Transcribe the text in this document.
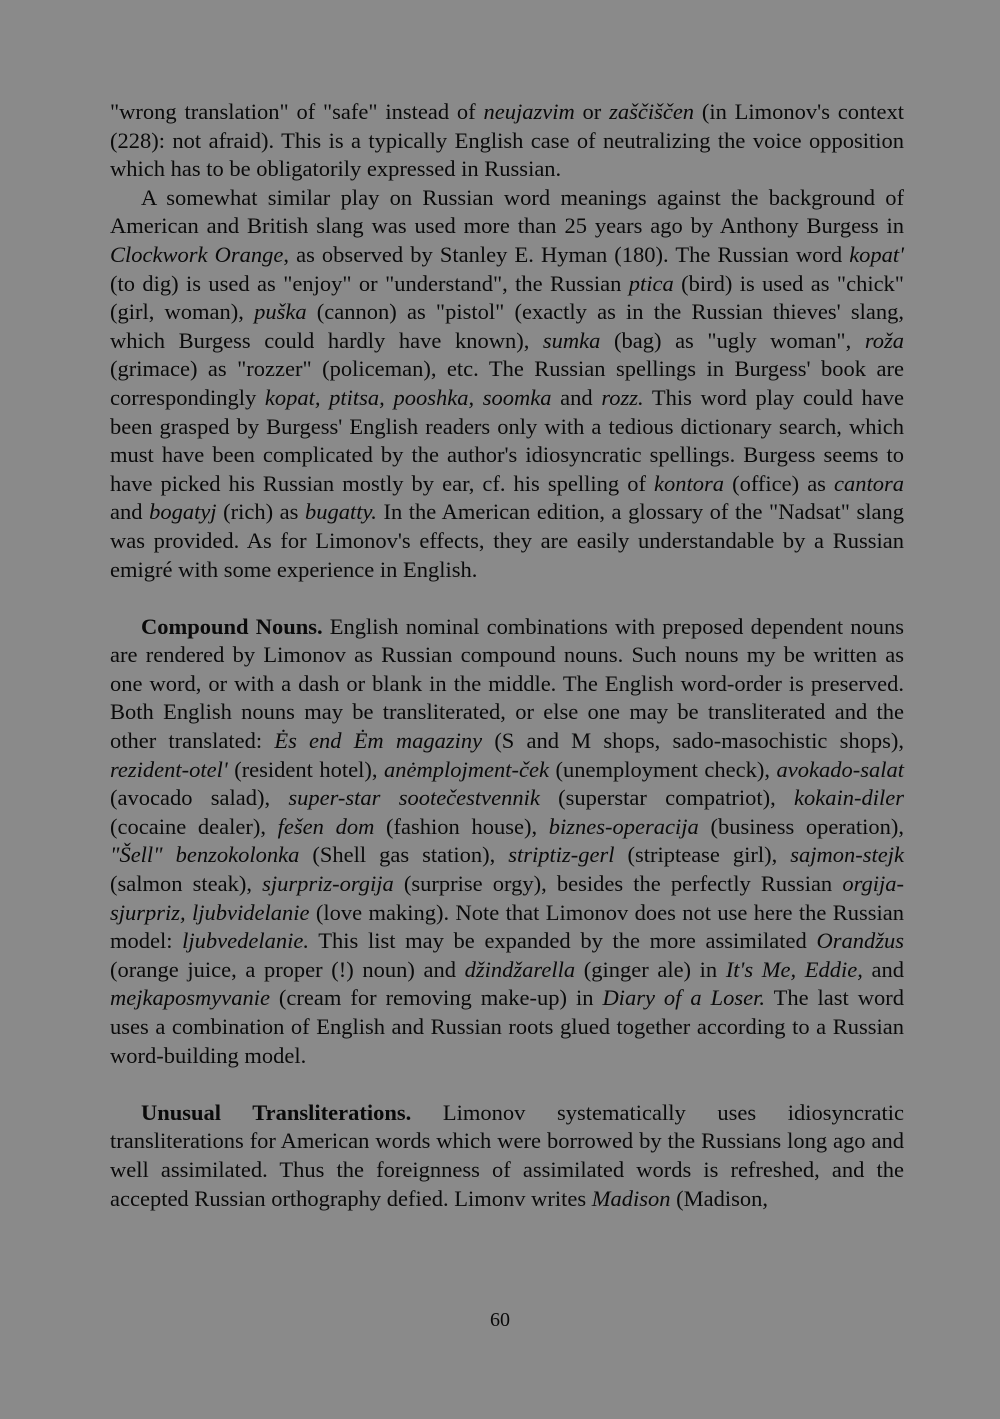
"wrong translation" of "safe" instead of neujazvim or zaščiščen (in Limonov's context (228): not afraid). This is a typically English case of neutralizing the voice opposition which has to be obligatorily expressed in Russian.

A somewhat similar play on Russian word meanings against the background of American and British slang was used more than 25 years ago by Anthony Burgess in Clockwork Orange, as observed by Stanley E. Hyman (180). The Russian word kopat' (to dig) is used as "enjoy" or "understand", the Russian ptica (bird) is used as "chick" (girl, woman), puška (cannon) as "pistol" (exactly as in the Russian thieves' slang, which Burgess could hardly have known), sumka (bag) as "ugly woman", roža (grimace) as "rozzer" (policeman), etc. The Russian spellings in Burgess' book are correspondingly kopat, ptitsa, pooshka, soomka and rozz. This word play could have been grasped by Burgess' English readers only with a tedious dictionary search, which must have been complicated by the author's idiosyncratic spellings. Burgess seems to have picked his Russian mostly by ear, cf. his spelling of kontora (office) as cantora and bogatyj (rich) as bugatty. In the American edition, a glossary of the "Nadsat" slang was provided. As for Limonov's effects, they are easily understandable by a Russian emigré with some experience in English.

Compound Nouns. English nominal combinations with preposed dependent nouns are rendered by Limonov as Russian compound nouns. Such nouns my be written as one word, or with a dash or blank in the middle. The English word-order is preserved. Both English nouns may be transliterated, or else one may be transliterated and the other translated: Ės end Ėm magaziny (S and M shops, sado-masochistic shops), rezident-otel' (resident hotel), anėmplojment-ček (unemployment check), avokado-salat (avocado salad), super-star sootečestvennik (superstar compatriot), kokain-diler (cocaine dealer), fešen dom (fashion house), biznes-operacija (business operation), "Šell" benzokolonka (Shell gas station), striptiz-gerl (striptease girl), sajmon-stejk (salmon steak), sjurpriz-orgija (surprise orgy), besides the perfectly Russian orgija-sjurpriz, ljubvidelanie (love making). Note that Limonov does not use here the Russian model: ljubvedelanie. This list may be expanded by the more assimilated Orandžus (orange juice, a proper (!) noun) and džindžarella (ginger ale) in It's Me, Eddie, and mejkaposmyvanie (cream for removing make-up) in Diary of a Loser. The last word uses a combination of English and Russian roots glued together according to a Russian word-building model.

Unusual Transliterations. Limonov systematically uses idiosyncratic transliterations for American words which were borrowed by the Russians long ago and well assimilated. Thus the foreignness of assimilated words is refreshed, and the accepted Russian orthography defied. Limonv writes Madison (Madison,

60
